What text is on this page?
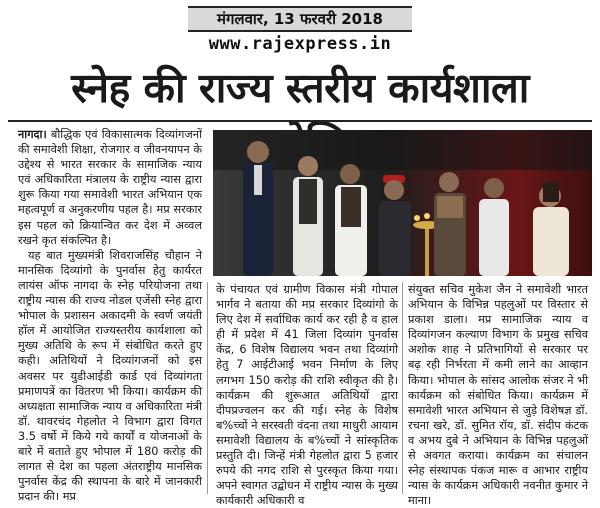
मंगलवार, 13 फरवरी 2018
www.rajexpress.in
स्नेह की राज्य स्तरीय कार्यशाला

नागदा। बौद्धिक एवं विकासात्मक दिव्यांगजनों की समावेशी शिक्षा, रोजगार व जीवनयापन के उद्देश्य से भारत सरकार के सामाजिक न्याय एवं अधिकारिता मंत्रालय के राष्ट्रीय न्यास द्वारा शुरू किया गया समावेशी भारत अभियान एक महत्वपूर्ण व अनुकरणीय पहल है। मप्र सरकार इस पहल को क्रियान्वित कर देश में अव्वल रखने कृत संकल्पित है।

यह बात मुख्यमंत्री शिवराजसिंह चौहान ने मानसिक दिव्यांगो के पुनर्वास हेतु कार्यरत लायंस ऑफ नागदा के स्नेह परियोजना तथा राष्ट्रीय न्यास की राज्य नोडल एजेंसी स्नेह द्वारा भोपाल के प्रशासन अकादमी के स्वर्ण जयंती हॉल में आयोजित राज्यस्तरीय कार्यशाला को मुख्य अतिथि के रूप में संबोधित करते हुए कही। अतिथियों ने दिव्यांगजनों को इस अवसर पर युडीआईडी कार्ड एवं दिव्यांगता प्रमाणपत्रें का वितरण भी किया। कार्यक्रम की अध्यक्षता सामाजिक न्याय व अधिकारिता मंत्री डॉ. थावरचंद गेहलोत ने विभाग द्वारा विगत 3.5 वर्षो में किये गये कार्यों व योजनाओं के बारे में बताते हुए भोपाल में 180 करोड़ की लागत से देश का पहला अंतराष्ट्रीय मानसिक पुनर्वास केंद्र की स्थापना के बारे में जानकारी प्रदान की। मप्र

के पंचायत एवं ग्रामीण विकास मंत्री गोपाल भार्गव ने बताया की मप्र सरकार दिव्यांगो के लिए देश में सर्वाधिक कार्य कर रही है व हाल ही में प्रदेश में 41 जिला दिव्यांग पुनर्वास केंद्र, 6 विशेष विद्यालय भवन तथा दिव्यांगो हेतु 7 आईटीआई भवन निर्माण के लिए लगभग 150 करोड़ की राशि स्वीकृत की है। कार्यक्रम की शुरूआत अतिथियों द्वारा दीपप्रज्वलन कर की गई। स्नेह के विशेष ब%च्चों ने सरस्वती वंदना तथा माधुरी आयाम समावेशी विद्यालय के ब%च्चों ने सांस्कृतिक प्रस्तुति दी। जिन्हें मंत्री गेहलोत द्वारा 5 हजार रुपये की नगद राशि से पुरस्कृत किया गया। अपने स्वागत उद्बोधन में राष्ट्रीय न्यास के मुख्य कार्यकारी अधिकारी व

संयुक्त सचिव मुकेश जैन ने समावेशी भारत अभियान के विभिन्न पहलुओं पर विस्तार से प्रकाश डाला। मप्र सामाजिक न्याय व दिव्यांगजन कल्याण विभाग के प्रमुख सचिव अशोक शाह ने प्रतिभागियों से सरकार पर बढ़ रही निर्भरता में कमी लाने का आव्हान किया। भोपाल के सांसद आलोक संजर ने भी कार्यक्रम को संबोधित किया। कार्यक्रम में समावेशी भारत अभियान से जुड़े विशेषज्ञ डॉ. रचना खरे, डॉ. सुमित रॉय, डॉ. संदीप कंटक व अभय दुबे ने अभियान के विभिन्न पहलुओं से अवगत कराया। कार्यक्रम का संचालन स्नेह संस्थापक पंकज मारू व आभार राष्ट्रीय न्यास के कार्यक्रम अधिकारी नवनीत कुमार ने माना।
